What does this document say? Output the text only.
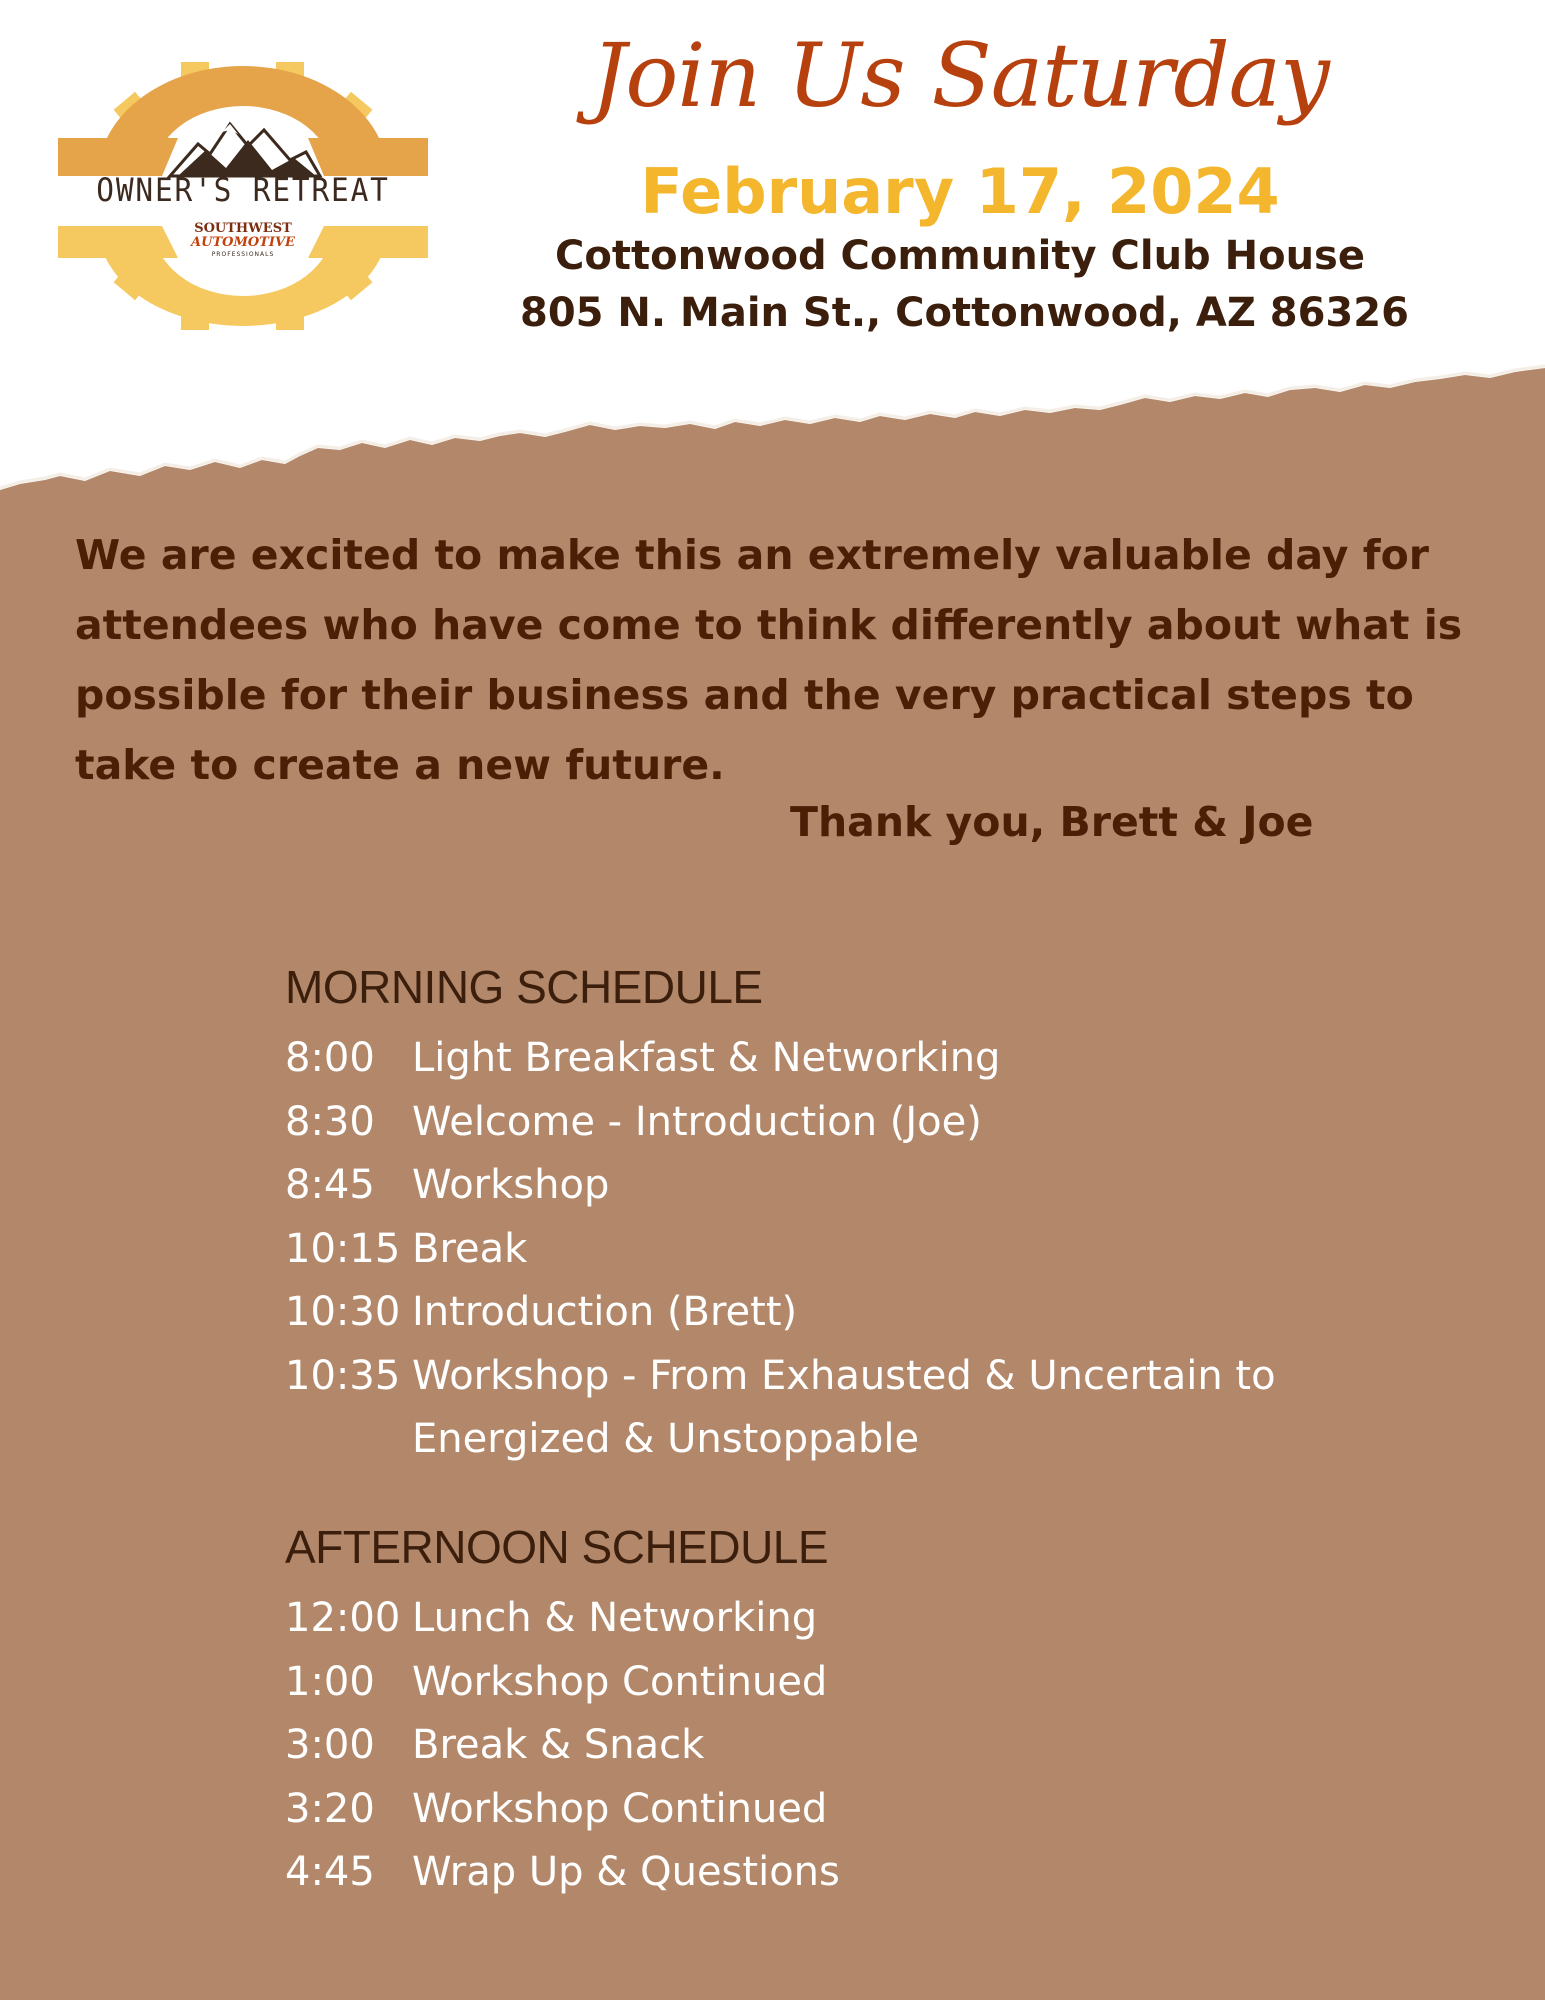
OWNER'S RETREAT
SOUTHWEST
AUTOMOTIVE
PROFESSIONALS
Join Us Saturday
February 17, 2024
Cottonwood Community Club House
805 N. Main St., Cottonwood, AZ 86326
We are excited to make this an extremely valuable day for
attendees who have come to think differently about what is
possible for their business and the very practical steps to
take to create a new future.
Thank you, Brett & Joe
MORNING SCHEDULE
8:00 Light Breakfast & Networking
8:30 Welcome - Introduction (Joe)
8:45 Workshop
10:15 Break
10:30 Introduction (Brett)
10:35 Workshop - From Exhausted & Uncertain to
Energized & Unstoppable
AFTERNOON SCHEDULE
12:00 Lunch & Networking
1:00 Workshop Continued
3:00 Break & Snack
3:20 Workshop Continued
4:45 Wrap Up & Questions
